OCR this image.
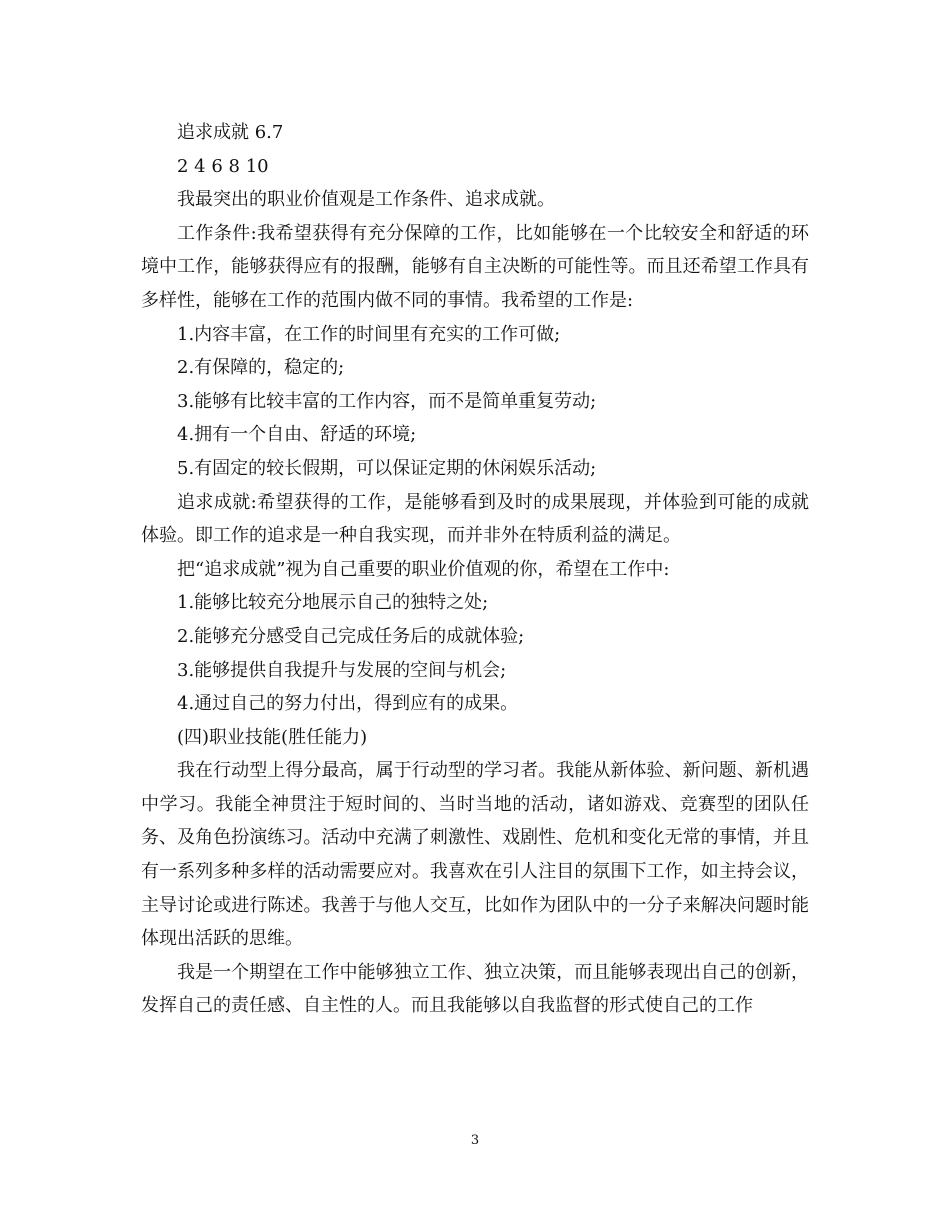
追求成就 6.7

2 4 6 8 10

我最突出的职业价值观是工作条件、追求成就。

工作条件:我希望获得有充分保障的工作，比如能够在一个比较安全和舒适的环境中工作，能够获得应有的报酬，能够有自主决断的可能性等。而且还希望工作具有多样性，能够在工作的范围内做不同的事情。我希望的工作是:

1.内容丰富，在工作的时间里有充实的工作可做;

2.有保障的，稳定的;

3.能够有比较丰富的工作内容，而不是简单重复劳动;

4.拥有一个自由、舒适的环境;

5.有固定的较长假期，可以保证定期的休闲娱乐活动;

追求成就:希望获得的工作，是能够看到及时的成果展现，并体验到可能的成就体验。即工作的追求是一种自我实现，而并非外在特质利益的满足。

把“追求成就”视为自己重要的职业价值观的你，希望在工作中:

1.能够比较充分地展示自己的独特之处;

2.能够充分感受自己完成任务后的成就体验;

3.能够提供自我提升与发展的空间与机会;

4.通过自己的努力付出，得到应有的成果。

(四)职业技能(胜任能力)

我在行动型上得分最高，属于行动型的学习者。我能从新体验、新问题、新机遇中学习。我能全神贯注于短时间的、当时当地的活动，诸如游戏、竞赛型的团队任务、及角色扮演练习。活动中充满了刺激性、戏剧性、危机和变化无常的事情，并且有一系列多种多样的活动需要应对。我喜欢在引人注目的氛围下工作，如主持会议，主导讨论或进行陈述。我善于与他人交互，比如作为团队中的一分子来解决问题时能体现出活跃的思维。

我是一个期望在工作中能够独立工作、独立决策，而且能够表现出自己的创新，发挥自己的责任感、自主性的人。而且我能够以自我监督的形式使自己的工作

3
